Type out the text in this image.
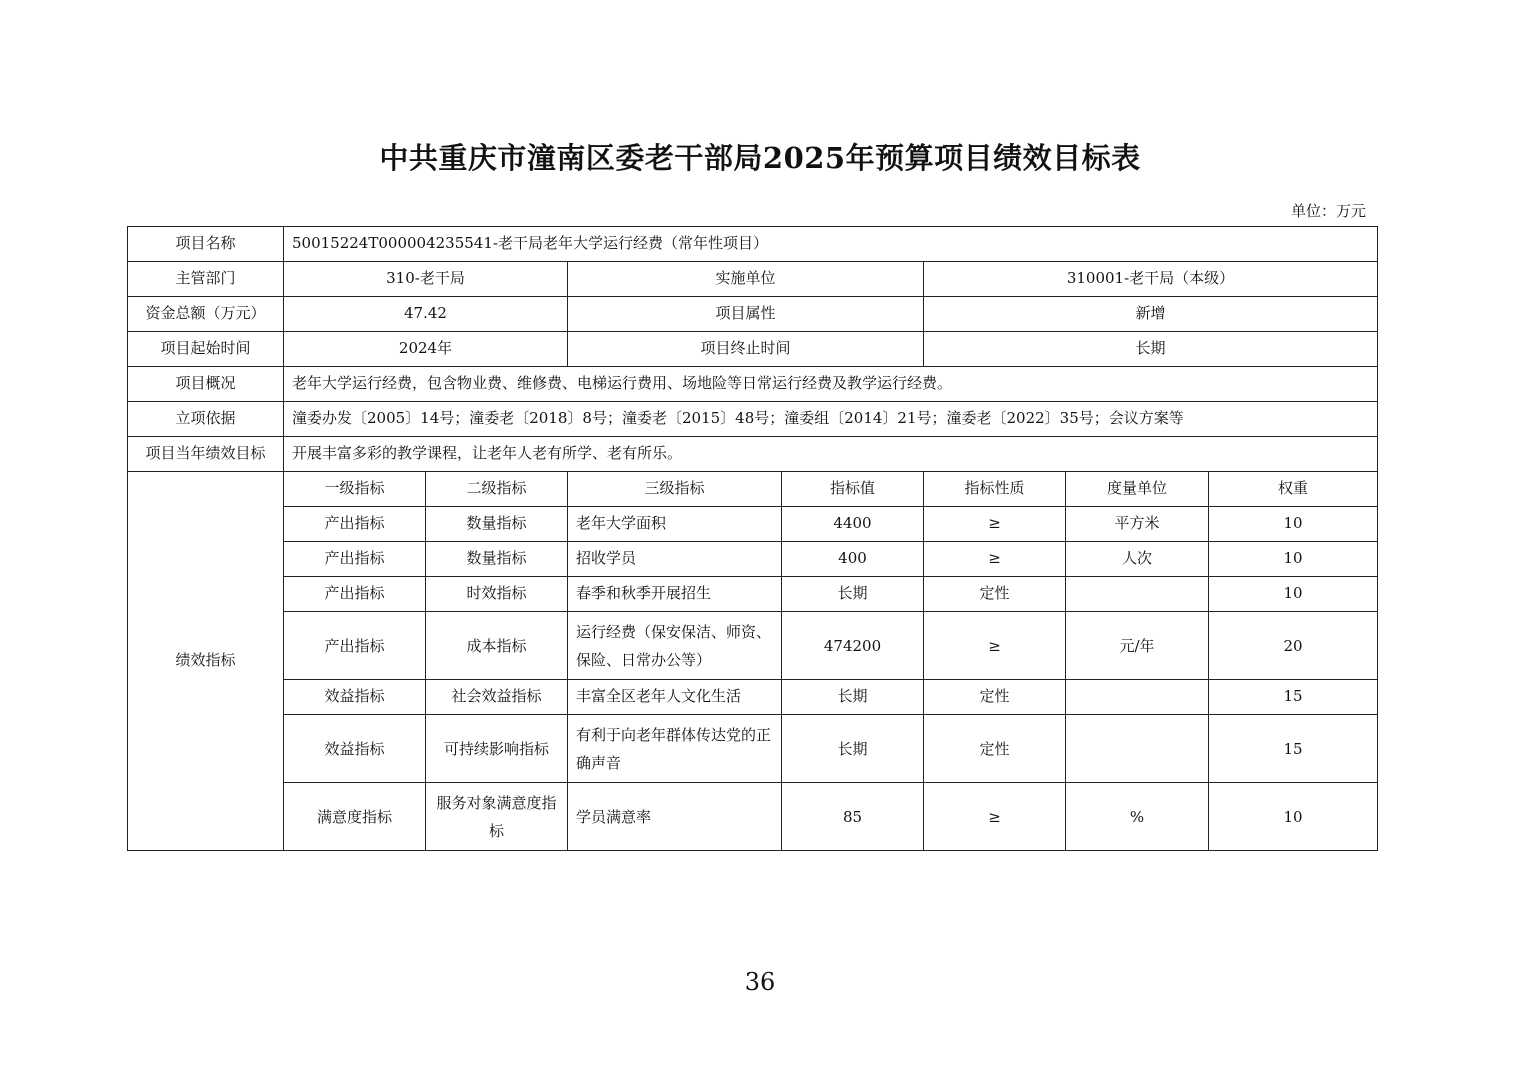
中共重庆市潼南区委老干部局2025年预算项目绩效目标表
单位：万元
项目名称	50015224T000004235541-老干局老年大学运行经费（常年性项目）						
主管部门	310-老干局		实施单位		310001-老干局（本级）		
资金总额（万元）	47.42		项目属性		新增		
项目起始时间	2024年		项目终止时间		长期		
项目概况	老年大学运行经费，包含物业费、维修费、电梯运行费用、场地险等日常运行经费及教学运行经费。						
立项依据	潼委办发〔2005〕14号；潼委老〔2018〕8号；潼委老〔2015〕48号；潼委组〔2014〕21号；潼委老〔2022〕35号；会议方案等						
项目当年绩效目标	开展丰富多彩的教学课程，让老年人老有所学、老有所乐。						
绩效指标	一级指标	二级指标	三级指标	指标值	指标性质	度量单位	权重
	产出指标	数量指标	老年大学面积	4400	≥	平方米	10
	产出指标	数量指标	招收学员	400	≥	人次	10
	产出指标	时效指标	春季和秋季开展招生	长期	定性		10
	产出指标	成本指标	运行经费（保安保洁、师资、保险、日常办公等）	474200	≥	元/年	20
	效益指标	社会效益指标	丰富全区老年人文化生活	长期	定性		15
	效益指标	可持续影响指标	有利于向老年群体传达党的正确声音	长期	定性		15
	满意度指标	服务对象满意度指标	学员满意率	85	≥	%	10
36
